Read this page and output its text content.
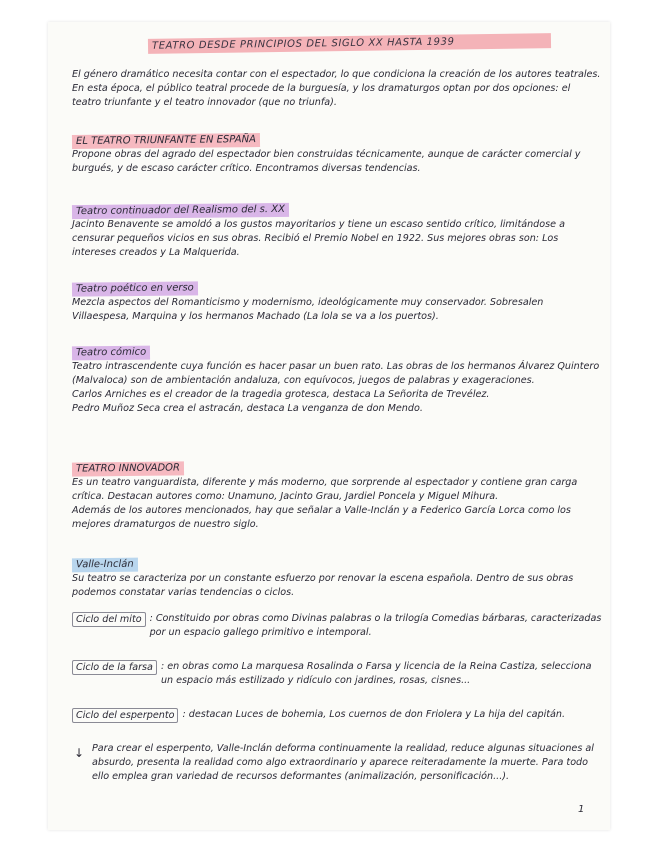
TEATRO DESDE PRINCIPIOS DEL SIGLO XX HASTA 1939
El género dramático necesita contar con el espectador, lo que condiciona la creación de los autores teatrales. En esta época, el público teatral procede de la burguesía, y los dramaturgos optan por dos opciones: el teatro triunfante y el teatro innovador (que no triunfa).
EL TEATRO TRIUNFANTE EN ESPAÑA
Propone obras del agrado del espectador bien construidas técnicamente, aunque de carácter comercial y burgués, y de escaso carácter crítico. Encontramos diversas tendencias.
Teatro continuador del Realismo del s. XX
Jacinto Benavente se amoldó a los gustos mayoritarios y tiene un escaso sentido crítico, limitándose a censurar pequeños vicios en sus obras. Recibió el Premio Nobel en 1922. Sus mejores obras son: Los intereses creados y La Malquerida.
Teatro poético en verso
Mezcla aspectos del Romanticismo y modernismo, ideológicamente muy conservador. Sobresalen Villaespesa, Marquina y los hermanos Machado (La lola se va a los puertos).
Teatro cómico
Teatro intrascendente cuya función es hacer pasar un buen rato. Las obras de los hermanos Álvarez Quintero (Malvaloca) son de ambientación andaluza, con equívocos, juegos de palabras y exageraciones.
Carlos Arniches es el creador de la tragedia grotesca, destaca La Señorita de Trevélez.
Pedro Muñoz Seca crea el astracán, destaca La venganza de don Mendo.
TEATRO INNOVADOR
Es un teatro vanguardista, diferente y más moderno, que sorprende al espectador y contiene gran carga crítica. Destacan autores como: Unamuno, Jacinto Grau, Jardiel Poncela y Miguel Mihura.
Además de los autores mencionados, hay que señalar a Valle-Inclán y a Federico García Lorca como los mejores dramaturgos de nuestro siglo.
Valle-Inclán
Su teatro se caracteriza por un constante esfuerzo por renovar la escena española. Dentro de sus obras podemos constatar varias tendencias o ciclos.
Ciclo del mito : Constituido por obras como Divinas palabras o la trilogía Comedias bárbaras, caracterizadas por un espacio gallego primitivo e intemporal.
Ciclo de la farsa : en obras como La marquesa Rosalinda o Farsa y licencia de la Reina Castiza, selecciona un espacio más estilizado y ridículo con jardines, rosas, cisnes...
Ciclo del esperpento : destacan Luces de bohemia, Los cuernos de don Friolera y La hija del capitán.
↓ Para crear el esperpento, Valle-Inclán deforma continuamente la realidad, reduce algunas situaciones al absurdo, presenta la realidad como algo extraordinario y aparece reiteradamente la muerte. Para todo ello emplea gran variedad de recursos deformantes (animalización, personificación...).
1
